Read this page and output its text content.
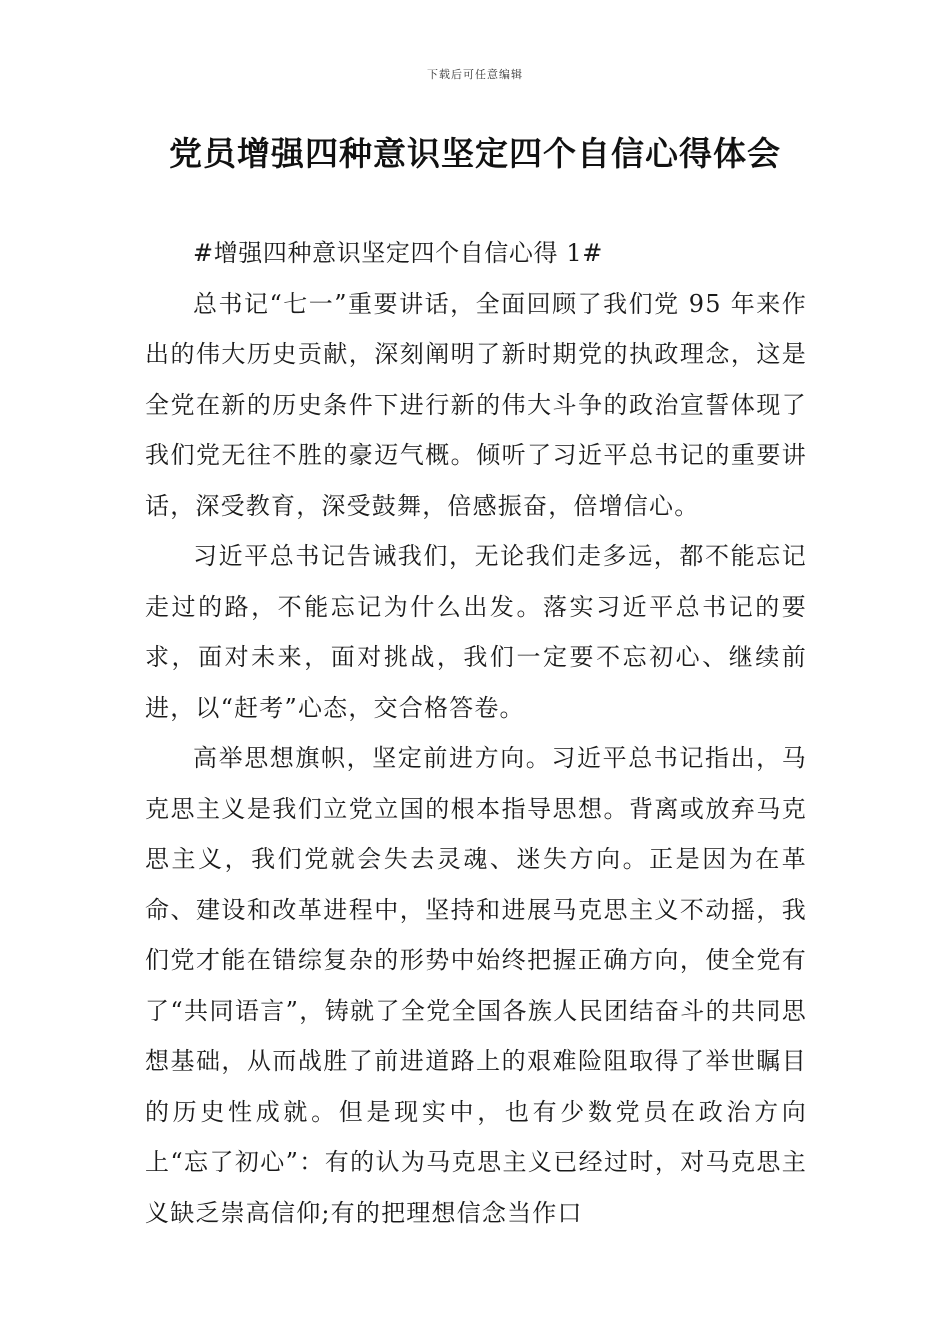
下载后可任意编辑
党员增强四种意识坚定四个自信心得体会

#增强四种意识坚定四个自信心得 1#

总书记“七一”重要讲话，全面回顾了我们党 95 年来作出的伟大历史贡献，深刻阐明了新时期党的执政理念，这是全党在新的历史条件下进行新的伟大斗争的政治宣誓体现了我们党无往不胜的豪迈气概。倾听了习近平总书记的重要讲话，深受教育，深受鼓舞，倍感振奋，倍增信心。

习近平总书记告诫我们，无论我们走多远，都不能忘记走过的路，不能忘记为什么出发。落实习近平总书记的要求，面对未来，面对挑战，我们一定要不忘初心、继续前进，以“赶考”心态，交合格答卷。

高举思想旗帜，坚定前进方向。习近平总书记指出，马克思主义是我们立党立国的根本指导思想。背离或放弃马克思主义，我们党就会失去灵魂、迷失方向。正是因为在革命、建设和改革进程中，坚持和进展马克思主义不动摇，我们党才能在错综复杂的形势中始终把握正确方向，使全党有了“共同语言”，铸就了全党全国各族人民团结奋斗的共同思想基础，从而战胜了前进道路上的艰难险阻取得了举世瞩目的历史性成就。但是现实中，也有少数党员在政治方向上“忘了初心”：有的认为马克思主义已经过时，对马克思主义缺乏崇高信仰;有的把理想信念当作口
